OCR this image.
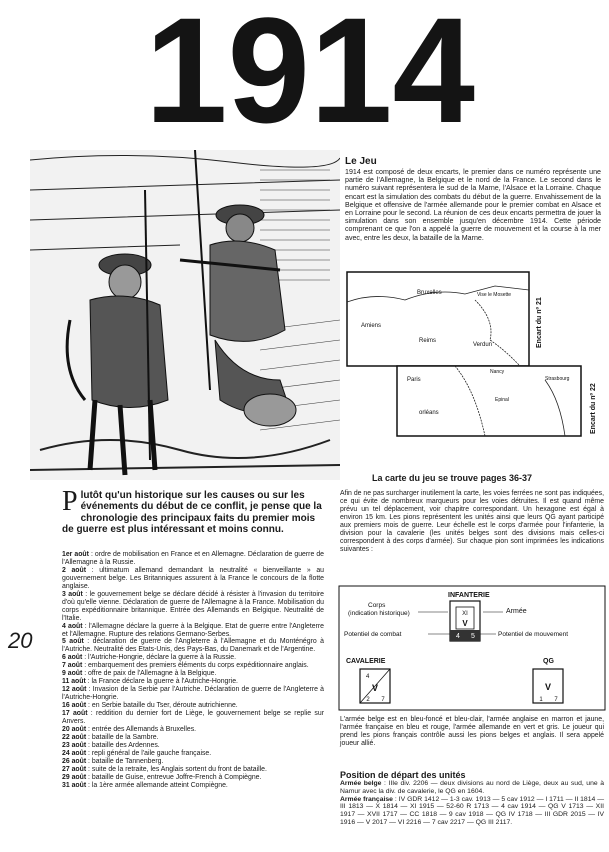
1914
Le Jeu

1914 est composé de deux encarts, le premier dans ce numéro représente une partie de l'Allemagne, la Belgique et le nord de la France. Le second dans le numéro suivant représentera le sud de la Marne, l'Alsace et la Lorraine. Chaque encart est la simulation des combats du début de la guerre. Envahissement de la Belgique et offensive de l'armée allemande pour le premier combat en Alsace et en Lorraine pour le second. La réunion de ces deux encarts permettra de jouer la simulation dans son ensemble jusqu'en décembre 1914. Cette période comprenant ce que l'on a appelé la guerre de mouvement et la course à la mer avec, entre les deux, la bataille de la Marne.

Bruxelles	Vise le Mosette
Amiens
Reims
Verdun	Encart du nº 21
Paris
Nancy
Strasbourg
Epinal
orléans	Encart du nº 22
La carte du jeu se trouve pages 36-37

Plutôt qu'un historique sur les causes ou sur les événements du début de ce conflit, je pense que la chronologie des principaux faits du premier mois de guerre est plus intéressant et moins connu.

20
1er août : ordre de mobilisation en France et en Allemagne. Déclaration de guerre de l'Allemagne à la Russie.
2 août : ultimatum allemand demandant la neutralité « bienveillante » au gouvernement belge. Les Britanniques assurent à la France le concours de la flotte anglaise.
3 août : le gouvernement belge se déclare décidé à résister à l'invasion du territoire d'où qu'elle vienne. Déclaration de guerre de l'Allemagne à la France. Mobilisation du corps expéditionnaire britannique. Entrée des Allemands en Belgique. Neutralité de l'Italie.
4 août : l'Allemagne déclare la guerre à la Belgique. Etat de guerre entre l'Angleterre et l'Allemagne. Rupture des relations Germano-Serbes.
5 août : déclaration de guerre de l'Angleterre à l'Allemagne et du Monténégro à l'Autriche. Neutralité des Etats-Unis, des Pays-Bas, du Danemark et de l'Argentine.
6 août : l'Autriche-Hongrie, déclare la guerre à la Russie.
7 août : embarquement des premiers éléments du corps expéditionnaire anglais.
9 août : offre de paix de l'Allemagne à la Belgique.
11 août : la France déclare la guerre à l'Autriche-Hongrie.
12 août : Invasion de la Serbie par l'Autriche. Déclaration de guerre de l'Angleterre à l'Autriche-Hongrie.
16 août : en Serbie bataille du Tser, déroute autrichienne.
17 août : reddition du dernier fort de Liège, le gouvernement belge se replie sur Anvers.
20 août : entrée des Allemands à Bruxelles.
22 août : bataille de la Sambre.
23 août : bataille des Ardennes.
24 août : repli général de l'aile gauche française.
26 août : bataille de Tannenberg.
27 août : suite de la retraite, les Anglais sortent du front de bataille.
29 août : bataille de Guise, entrevue Joffre-French à Compiègne.
31 août : la 1ère armée allemande atteint Compiègne.

Afin de ne pas surcharger inutilement la carte, les voies ferrées ne sont pas indiquées, ce qui évite de nombreux marqueurs pour les voies détruites. Il est quand même prévu un tel déplacement, voir chapitre correspondant. Un hexagone est égal à environ 15 km. Les pions représentent les unités ainsi que leurs QG ayant participé aux premiers mois de guerre. Leur échelle est le corps d'armée pour l'infanterie, la division pour la cavalerie (les unités belges sont des divisions mais celles-ci correspondent à des corps d'armée). Sur chaque pion sont imprimées les indications suivantes :

INFANTERIE
Corps
(indication historique)	Armée
Potentiel de combat	Potentiel de mouvement
XI
V
4 5
CAVALERIE
4
V
2 7
QG
V
1 7

L'armée belge est en bleu-foncé et bleu-clair, l'armée anglaise en marron et jaune, l'armée française en bleu et rouge, l'armée allemande en vert et gris. Le joueur qui prend les pions français contrôle aussi les pions belges et anglais. Il sera appelé joueur allié.

Position de départ des unités

Armée belge : IIIe div. 2206 — deux divisions au nord de Liège, deux au sud, une à Namur avec la div. de cavalerie, le QG en 1604.
Armée française : IV GDR 1412 — 1-3 cav. 1913 — 5 cav 1912 — I 1711 — II 1814 — III 1813 — X 1814 — XI 1915 — 52-60 R 1713 — 4 cav 1914 — QG V 1713 — XII 1917 — XVII 1717 — CC 1818 — 9 cav 1918 — QG IV 1718 — III GDR 2015 — IV 1916 — V 2017 — VI 2216 — 7 cav 2217 — QG III 2117.
